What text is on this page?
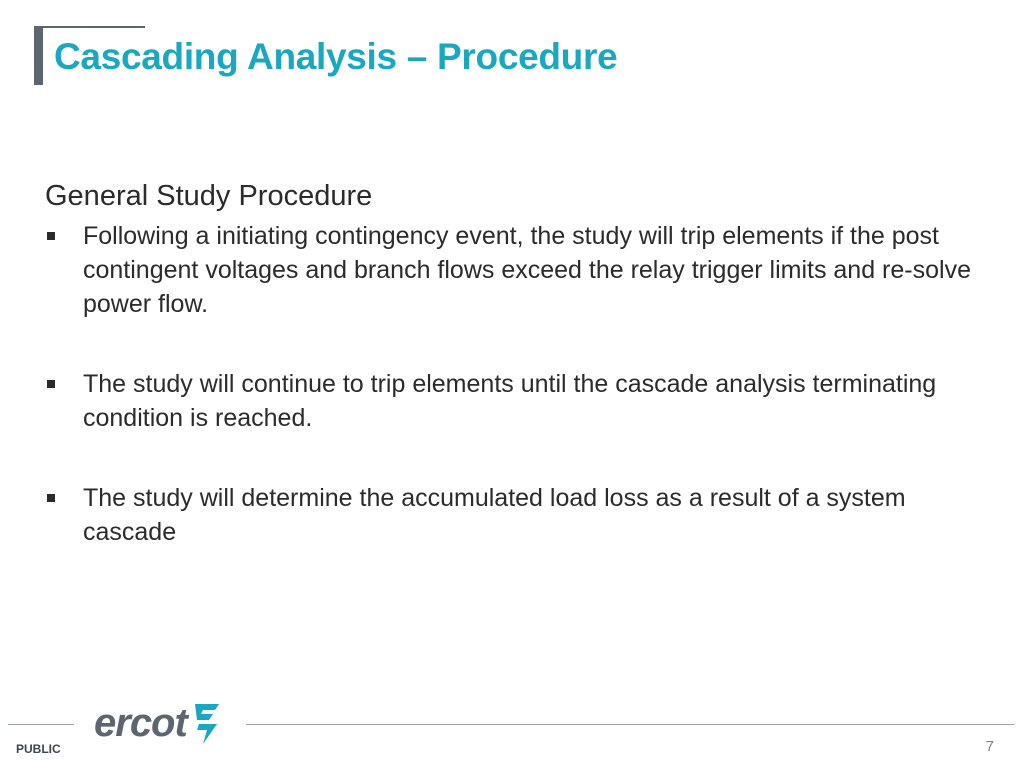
Cascading Analysis – Procedure
General Study Procedure
Following a initiating contingency event, the study will trip elements if the post contingent voltages and branch flows exceed the relay trigger limits and re-solve power flow.
The study will continue to trip elements until the cascade analysis terminating condition is reached.
The study will determine the accumulated load loss as a result of a system cascade
ercot
PUBLIC	7
